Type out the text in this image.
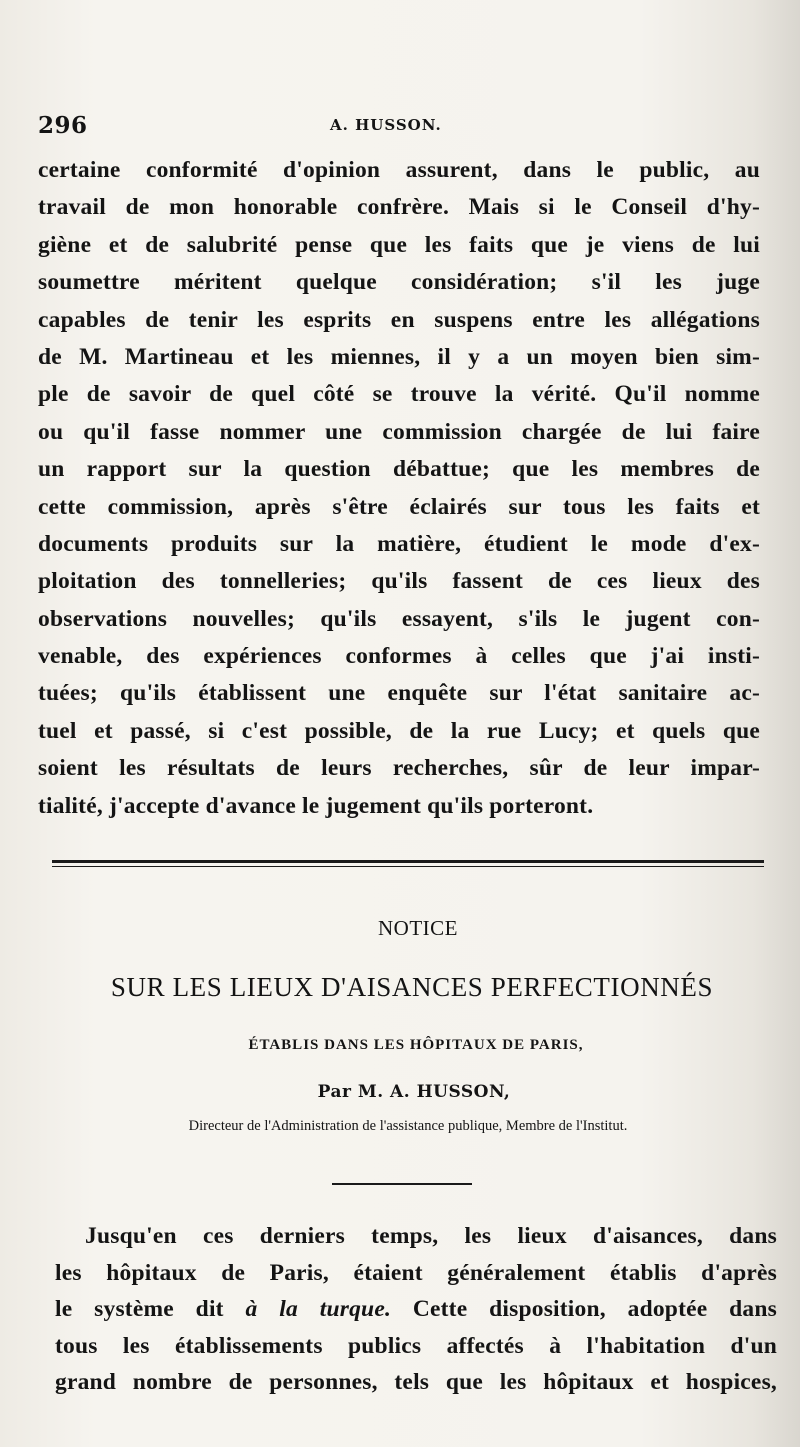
296	A. HUSSON.
certaine conformité d'opinion assurent, dans le public, au
travail de mon honorable confrère. Mais si le Conseil d'hy-
giène et de salubrité pense que les faits que je viens de lui
soumettre méritent quelque considération; s'il les juge
capables de tenir les esprits en suspens entre les allégations
de M. Martineau et les miennes, il y a un moyen bien sim-
ple de savoir de quel côté se trouve la vérité. Qu'il nomme
ou qu'il fasse nommer une commission chargée de lui faire
un rapport sur la question débattue; que les membres de
cette commission, après s'être éclairés sur tous les faits et
documents produits sur la matière, étudient le mode d'ex-
ploitation des tonnelleries; qu'ils fassent de ces lieux des
observations nouvelles; qu'ils essayent, s'ils le jugent con-
venable, des expériences conformes à celles que j'ai insti-
tuées; qu'ils établissent une enquête sur l'état sanitaire ac-
tuel et passé, si c'est possible, de la rue Lucy; et quels que
soient les résultats de leurs recherches, sûr de leur impar-
tialité, j'accepte d'avance le jugement qu'ils porteront.
NOTICE
SUR LES LIEUX D'AISANCES PERFECTIONNÉS
ÉTABLIS DANS LES HÔPITAUX DE PARIS,
Par M. A. HUSSON,
Directeur de l'Administration de l'assistance publique, Membre de l'Institut.
Jusqu'en ces derniers temps, les lieux d'aisances, dans
les hôpitaux de Paris, étaient généralement établis d'après
le système dit à la turque. Cette disposition, adoptée dans
tous les établissements publics affectés à l'habitation d'un
grand nombre de personnes, tels que les hôpitaux et hospices,
